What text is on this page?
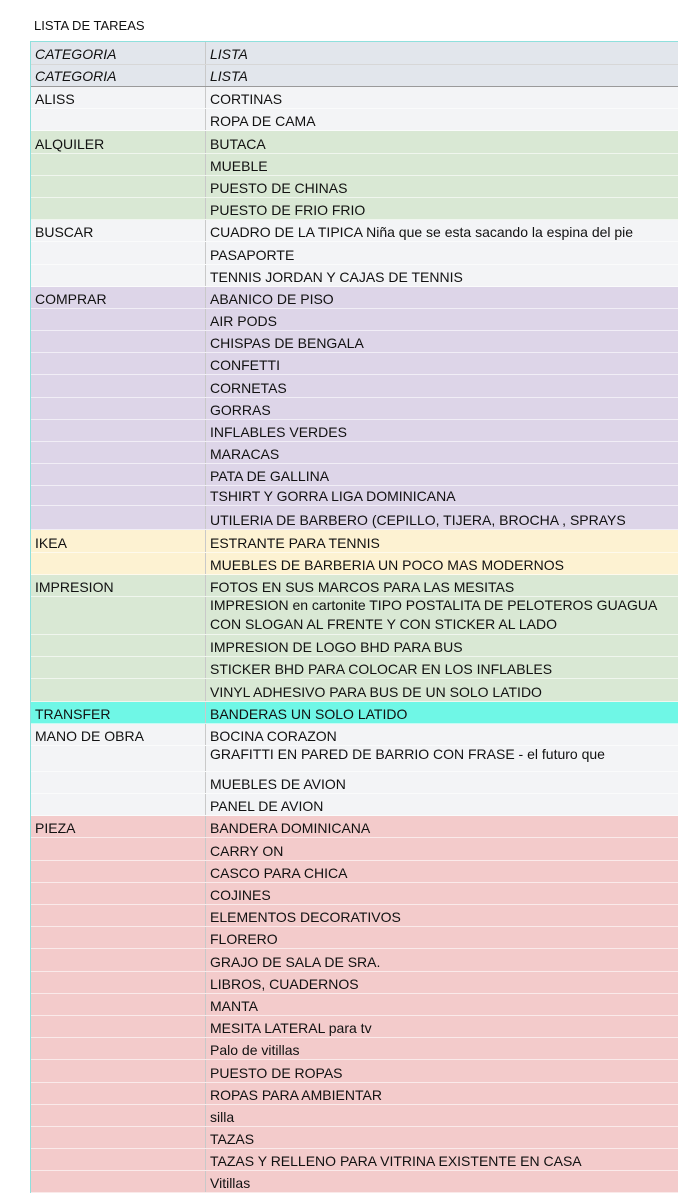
LISTA DE TAREAS
CATEGORIA	LISTA
CATEGORIA	LISTA
ALISS	CORTINAS
ROPA DE CAMA
ALQUILER	BUTACA
MUEBLE
PUESTO DE CHINAS
PUESTO DE FRIO FRIO
BUSCAR	CUADRO DE LA TIPICA Niña que se esta sacando la espina del pie
PASAPORTE
TENNIS JORDAN Y CAJAS DE TENNIS
COMPRAR	ABANICO DE PISO
AIR PODS
CHISPAS DE BENGALA
CONFETTI
CORNETAS
GORRAS
INFLABLES VERDES
MARACAS
PATA DE GALLINA
TSHIRT Y GORRA LIGA DOMINICANA
UTILERIA DE BARBERO (CEPILLO, TIJERA, BROCHA , SPRAYS
IKEA	ESTRANTE PARA TENNIS
MUEBLES DE BARBERIA UN POCO MAS MODERNOS
IMPRESION	FOTOS EN SUS MARCOS PARA LAS MESITAS
IMPRESION en cartonite TIPO POSTALITA DE PELOTEROS GUAGUA CON SLOGAN AL FRENTE Y CON STICKER AL LADO
IMPRESION DE LOGO BHD PARA BUS
STICKER BHD PARA COLOCAR EN LOS INFLABLES
VINYL ADHESIVO PARA BUS DE UN SOLO LATIDO
TRANSFER	BANDERAS UN SOLO LATIDO
MANO DE OBRA	BOCINA CORAZON
GRAFITTI EN PARED DE BARRIO CON FRASE - el futuro que
MUEBLES DE AVION
PANEL DE AVION
PIEZA	BANDERA DOMINICANA
CARRY ON
CASCO PARA CHICA
COJINES
ELEMENTOS DECORATIVOS
FLORERO
GRAJO DE SALA DE SRA.
LIBROS, CUADERNOS
MANTA
MESITA LATERAL para tv
Palo de vitillas
PUESTO DE ROPAS
ROPAS PARA AMBIENTAR
silla
TAZAS
TAZAS Y RELLENO PARA VITRINA EXISTENTE EN CASA
Vitillas
